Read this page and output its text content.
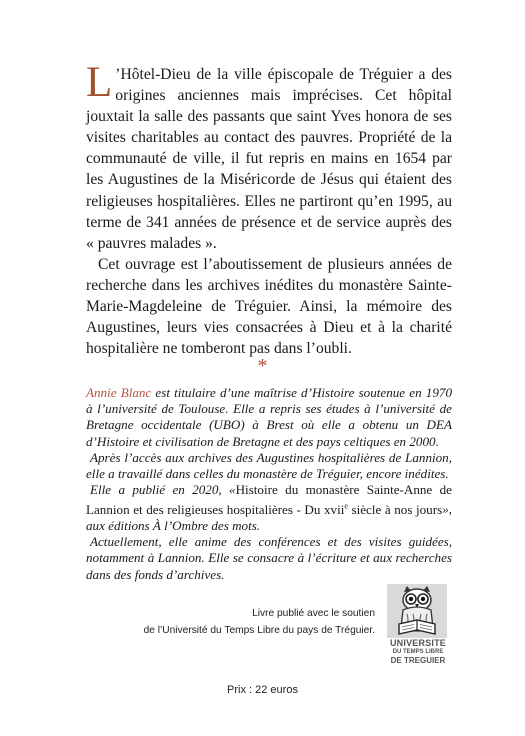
L ’Hôtel-Dieu de la ville épiscopale de Tréguier a des origines anciennes mais imprécises. Cet hôpital jouxtait la salle des passants que saint Yves honora de ses visites charitables au contact des pauvres. Propriété de la communauté de ville, il fut repris en mains en 1654 par les Augustines de la Miséricorde de Jésus qui étaient des religieuses hospitalières. Elles ne partiront qu’en 1995, au terme de 341 années de présence et de service auprès des « pauvres malades ».

Cet ouvrage est l’aboutissement de plusieurs années de recherche dans les archives inédites du monastère Sainte-Marie-Magdeleine de Tréguier. Ainsi, la mémoire des Augustines, leurs vies consacrées à Dieu et à la charité hospitalière ne tomberont pas dans l’oubli.

*

Annie Blanc est titulaire d’une maîtrise d’Histoire soutenue en 1970 à l’université de Toulouse. Elle a repris ses études à l’université de Bretagne occidentale (UBO) à Brest où elle a obtenu un DEA d’Histoire et civilisation de Bretagne et des pays celtiques en 2000.

Après l’accès aux archives des Augustines hospitalières de Lannion, elle a travaillé dans celles du monastère de Tréguier, encore inédites.

Elle a publié en 2020, «Histoire du monastère Sainte-Anne de Lannion et des religieuses hospitalières - Du xvii$^e$ siècle à nos jours», aux éditions À l’Ombre des mots.

Actuellement, elle anime des conférences et des visites guidées, notamment à Lannion. Elle se consacre à l’écriture et aux recherches dans des fonds d’archives.

Livre publié avec le soutien
de l’Université du Temps Libre du pays de Tréguier.
UNIVERSITE
DU TEMPS LIBRE
DE TREGUIER
Prix : 22 euros
